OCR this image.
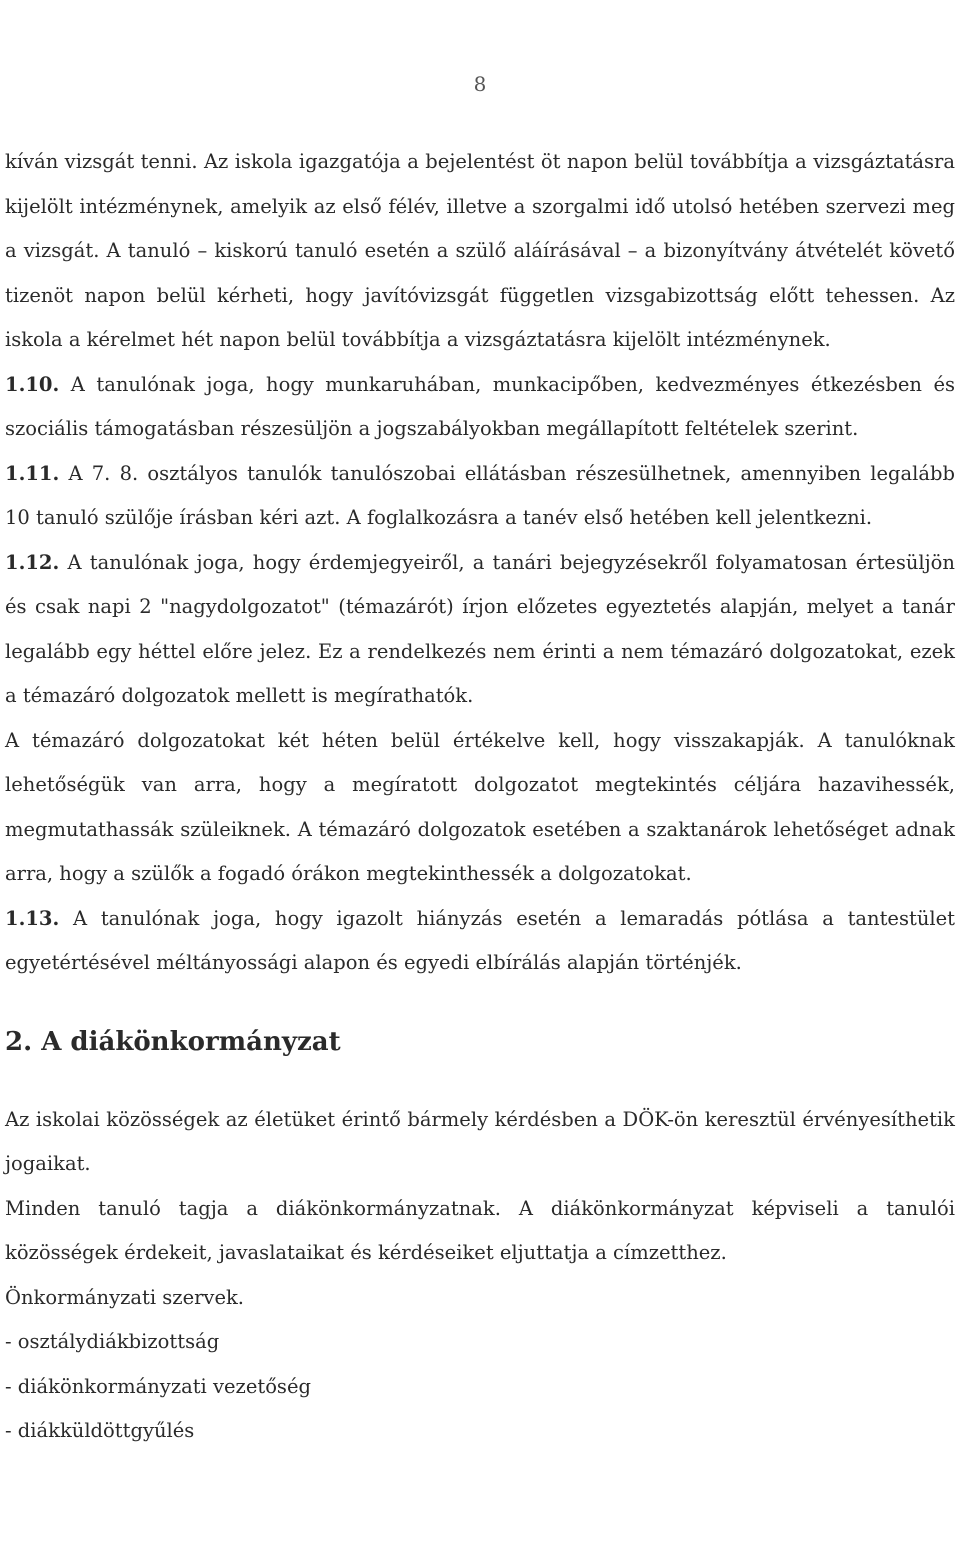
8

kíván vizsgát tenni. Az iskola igazgatója a bejelentést öt napon belül továbbítja a vizsgáztatásra kijelölt intézménynek, amelyik az első félév, illetve a szorgalmi idő utolsó hetében szervezi meg a vizsgát. A tanuló – kiskorú tanuló esetén a szülő aláírásával – a bizonyítvány átvételét követő tizenöt napon belül kérheti, hogy javítóvizsgát független vizsgabizottság előtt tehessen. Az iskola a kérelmet hét napon belül továbbítja a vizsgáztatásra kijelölt intézménynek.

1.10. A tanulónak joga, hogy munkaruhában, munkacipőben, kedvezményes étkezésben és szociális támogatásban részesüljön a jogszabályokban megállapított feltételek szerint.

1.11. A 7. 8. osztályos tanulók tanulószobai ellátásban részesülhetnek, amennyiben legalább 10 tanuló szülője írásban kéri azt. A foglalkozásra a tanév első hetében kell jelentkezni.

1.12. A tanulónak joga, hogy érdemjegyeiről, a tanári bejegyzésekről folyamatosan értesüljön és csak napi 2 "nagydolgozatot" (témazárót) írjon előzetes egyeztetés alapján, melyet a tanár legalább egy héttel előre jelez. Ez a rendelkezés nem érinti a nem témazáró dolgozatokat, ezek a témazáró dolgozatok mellett is megírathatók.

A témazáró dolgozatokat két héten belül értékelve kell, hogy visszakapják. A tanulóknak lehetőségük van arra, hogy a megíratott dolgozatot megtekintés céljára hazavihessék, megmutathassák szüleiknek. A témazáró dolgozatok esetében a szaktanárok lehetőséget adnak arra, hogy a szülők a fogadó órákon megtekinthessék a dolgozatokat.

1.13. A tanulónak joga, hogy igazolt hiányzás esetén a lemaradás pótlása a tantestület egyetértésével méltányossági alapon és egyedi elbírálás alapján történjék.

2. A diákönkormányzat

Az iskolai közösségek az életüket érintő bármely kérdésben a DÖK-ön keresztül érvényesíthetik jogaikat.

Minden tanuló tagja a diákönkormányzatnak. A diákönkormányzat képviseli a tanulói közösségek érdekeit, javaslataikat és kérdéseiket eljuttatja a címzetthez.

Önkormányzati szervek.

- osztálydiákbizottság

- diákönkormányzati vezetőség

- diákküldöttgyűlés
